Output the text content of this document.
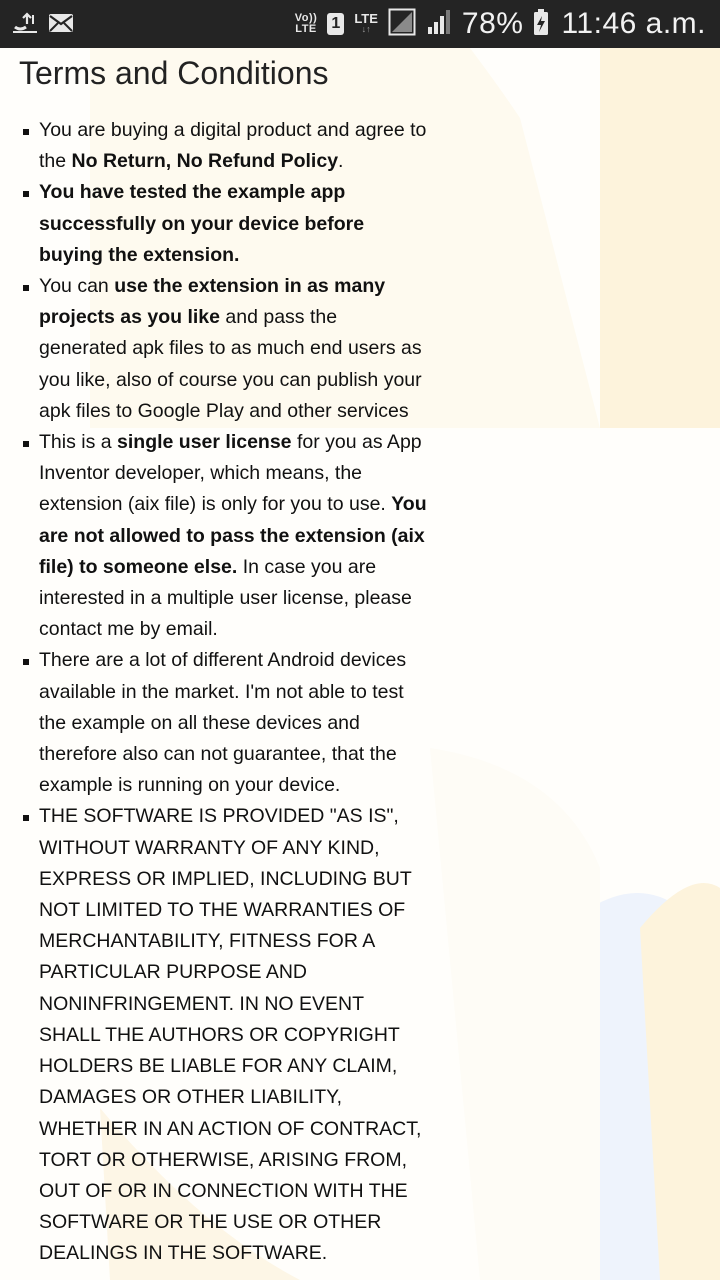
Vo))
LTE 1	LTE
↓↑	78% 11:46 a.m.
Terms and Conditions
You are buying a digital product and agree to the No Return, No Refund Policy.
You have tested the example app successfully on your device before buying the extension.
You can use the extension in as many projects as you like and pass the generated apk files to as much end users as you like, also of course you can publish your apk files to Google Play and other services
This is a single user license for you as App Inventor developer, which means, the extension (aix file) is only for you to use. You are not allowed to pass the extension (aix file) to someone else. In case you are interested in a multiple user license, please contact me by email.
There are a lot of different Android devices available in the market. I'm not able to test the example on all these devices and therefore also can not guarantee, that the example is running on your device.
THE SOFTWARE IS PROVIDED "AS IS", WITHOUT WARRANTY OF ANY KIND, EXPRESS OR IMPLIED, INCLUDING BUT NOT LIMITED TO THE WARRANTIES OF MERCHANTABILITY, FITNESS FOR A PARTICULAR PURPOSE AND NONINFRINGEMENT. IN NO EVENT SHALL THE AUTHORS OR COPYRIGHT HOLDERS BE LIABLE FOR ANY CLAIM, DAMAGES OR OTHER LIABILITY, WHETHER IN AN ACTION OF CONTRACT, TORT OR OTHERWISE, ARISING FROM, OUT OF OR IN CONNECTION WITH THE SOFTWARE OR THE USE OR OTHER DEALINGS IN THE SOFTWARE.
